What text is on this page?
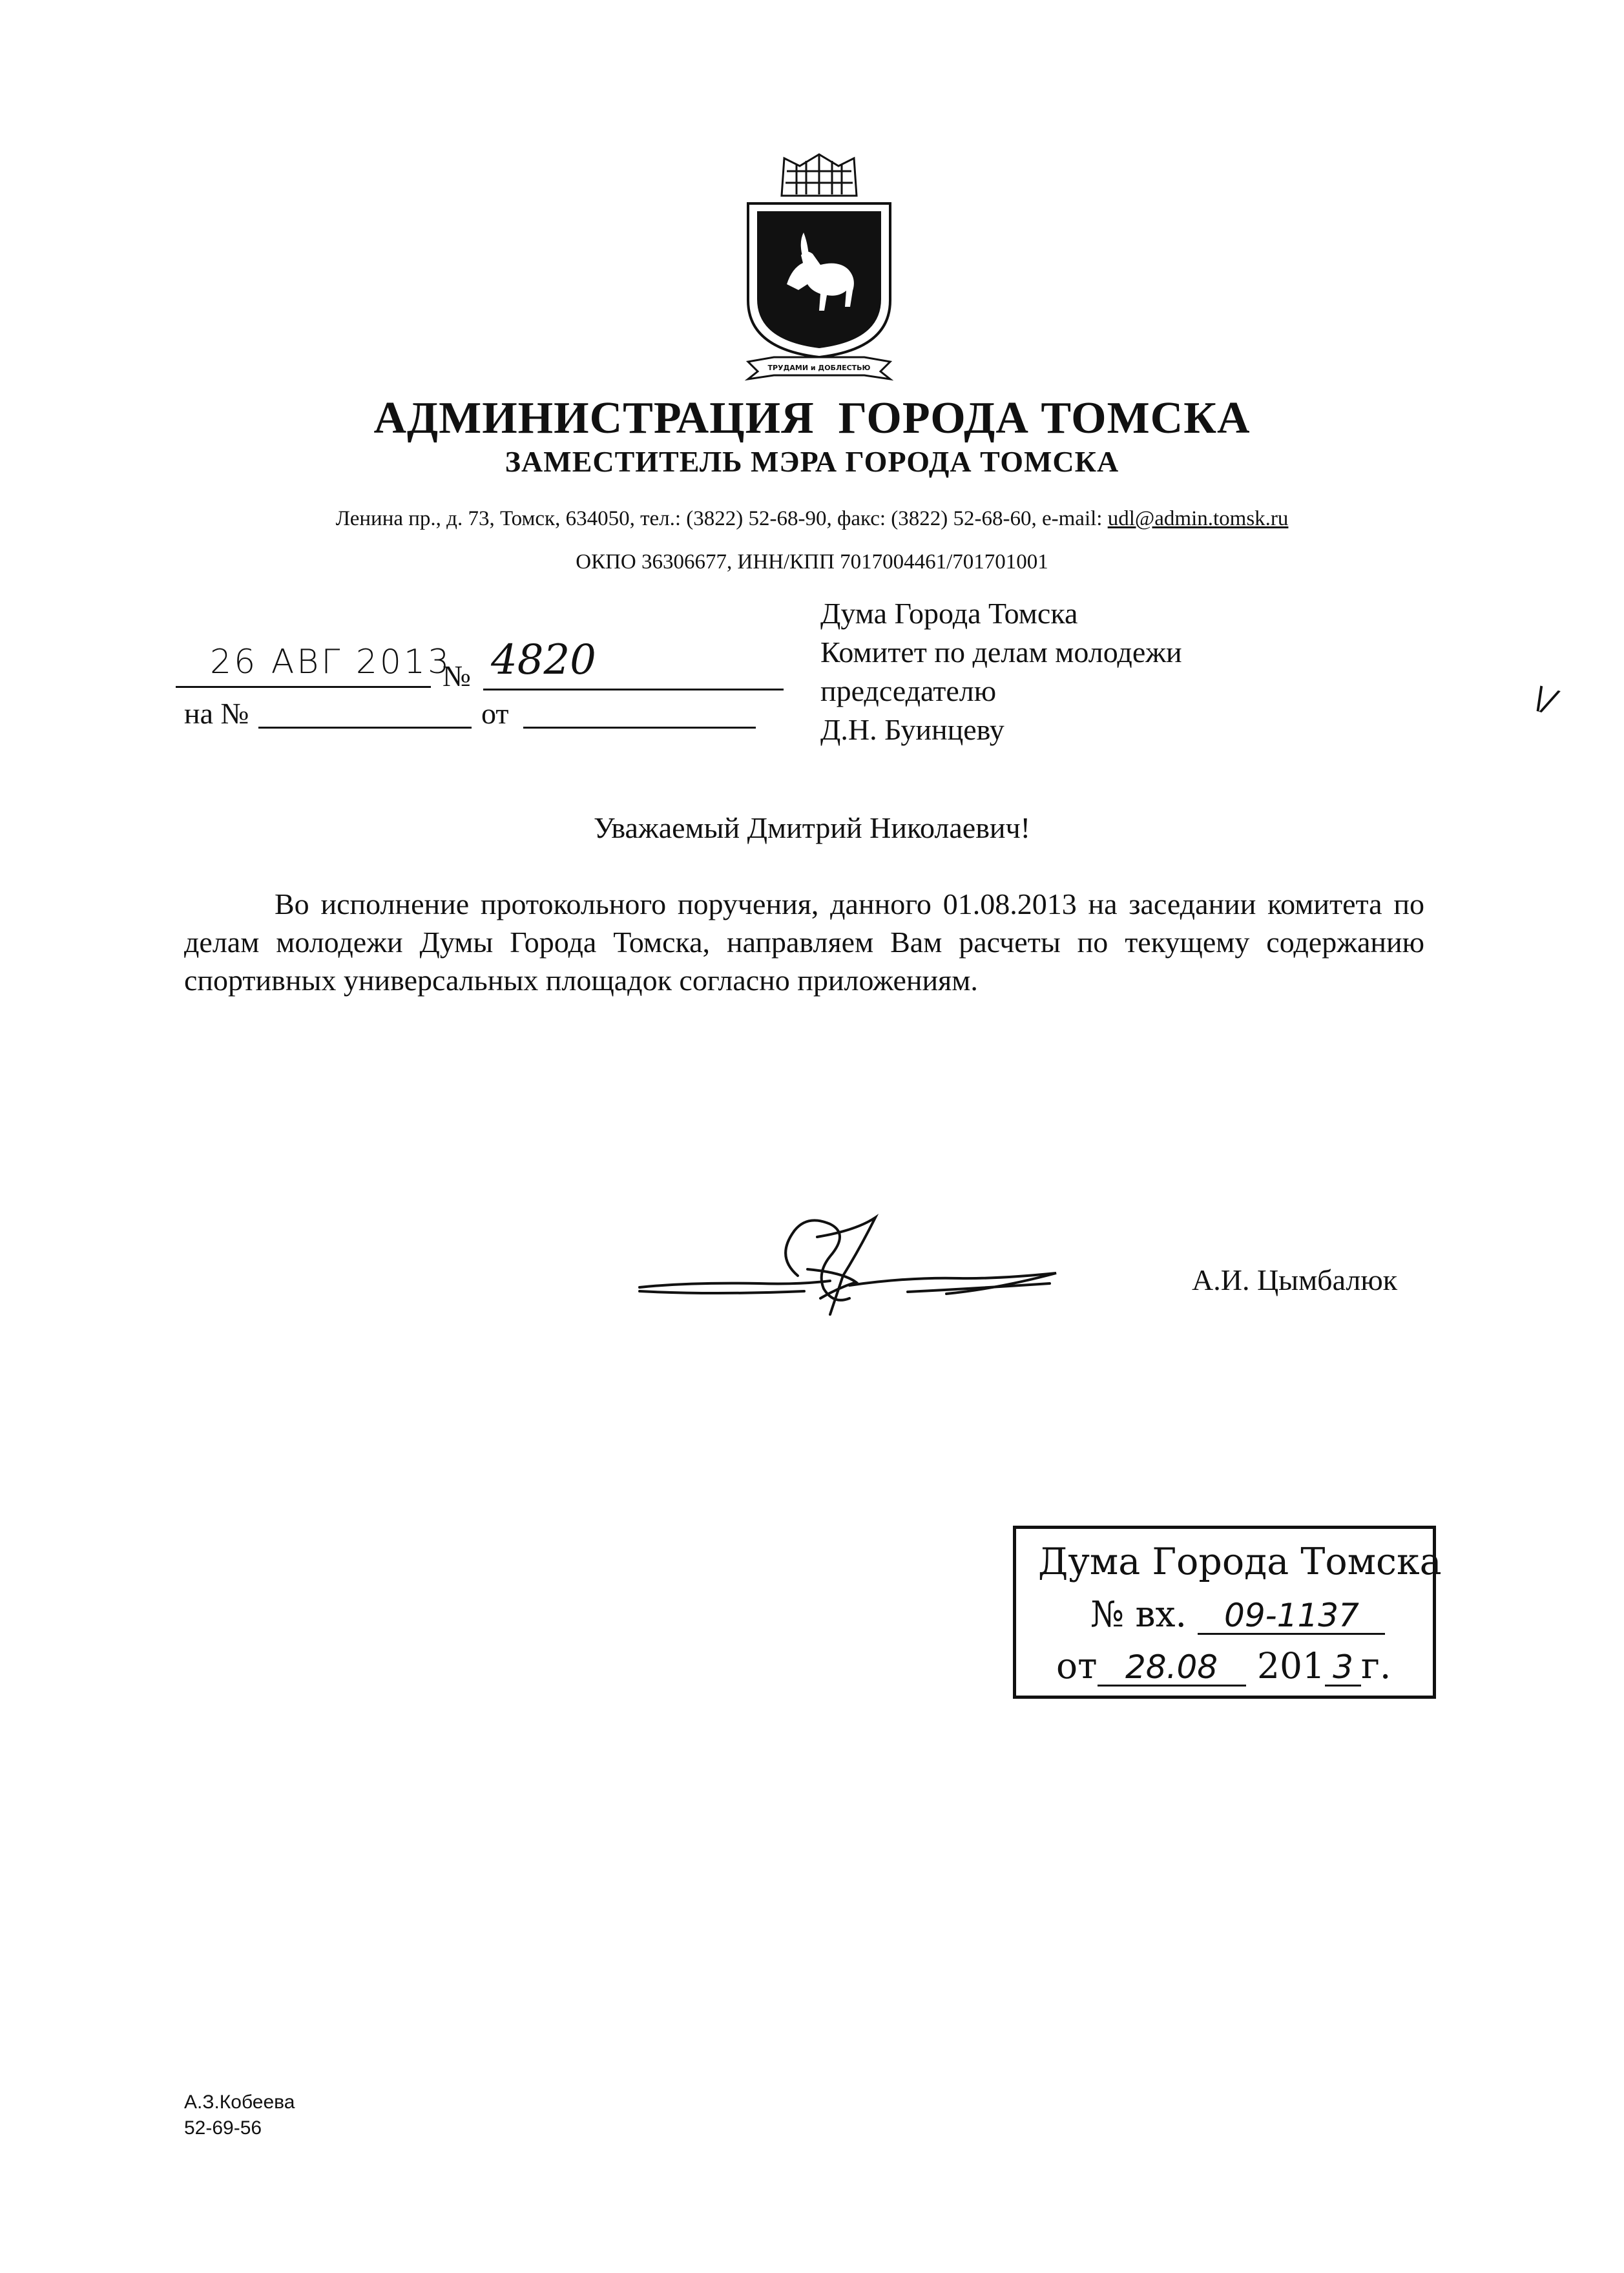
ТРУДАМИ и ДОБЛЕСТЬЮ
АДМИНИСТРАЦИЯ  ГОРОДА ТОМСКА
ЗАМЕСТИТЕЛЬ МЭРА ГОРОДА ТОМСКА
Ленина пр., д. 73, Томск, 634050, тел.: (3822) 52-68-90, факс: (3822) 52-68-60, e-mail: udl@admin.tomsk.ru
ОКПО 36306677, ИНН/КПП 7017004461/701701001
26 АВГ 2013
№ 4820
на №	от
Дума Города Томска
Комитет по делам молодежи
председателю
Д.Н. Буинцеву
\/
Уважаемый Дмитрий Николаевич!
Во исполнение протокольного поручения, данного 01.08.2013 на заседании комитета по делам молодежи Думы Города Томска, направляем Вам расчеты по текущему содержанию спортивных универсальных площадок согласно приложениям.
А.И. Цымбалюк
Дума Города Томска
№ вх. 09-1137
от 28.08 201 3 г.
А.З.Кобеева
52-69-56
